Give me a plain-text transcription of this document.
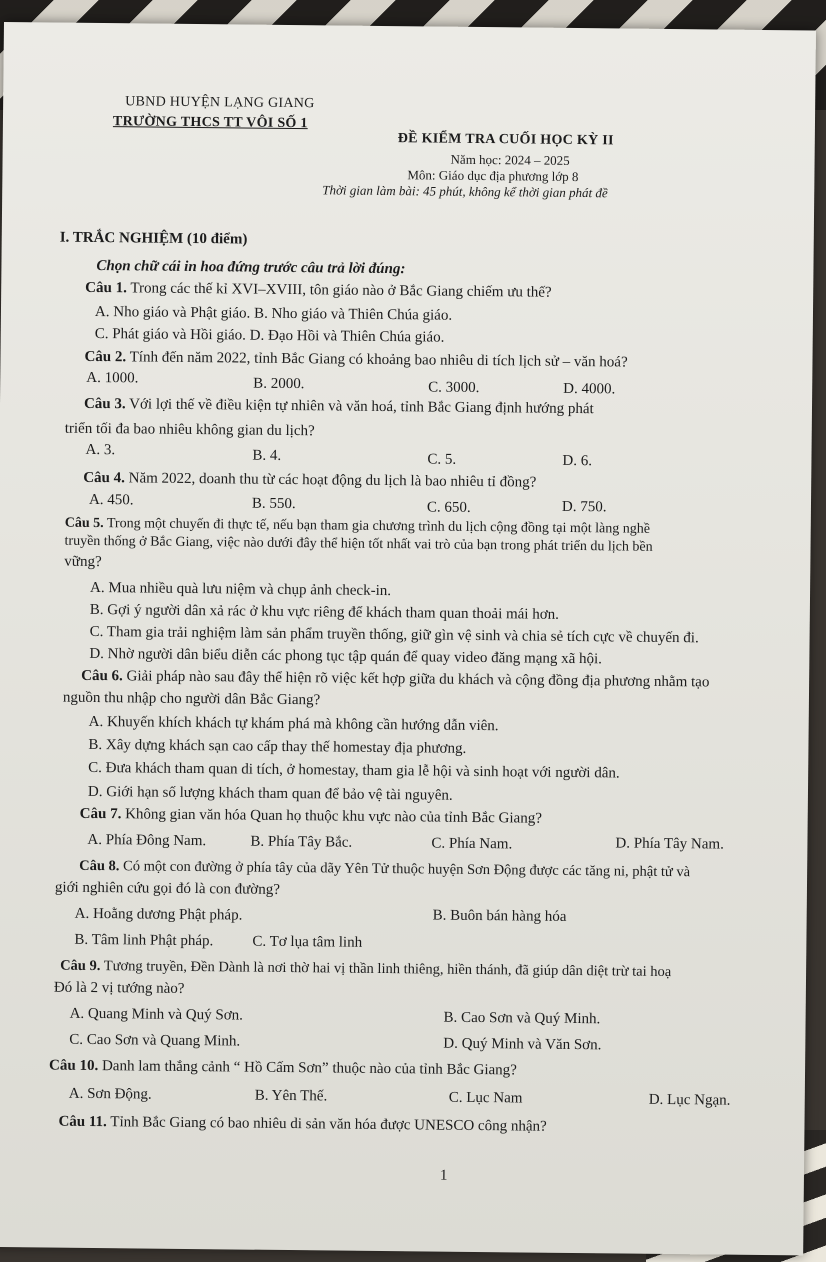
UBND HUYỆN LẠNG GIANG
TRƯỜNG THCS TT VÔI SỐ 1
ĐỀ KIỂM TRA CUỐI HỌC KỲ II
Năm học: 2024 – 2025
Môn: Giáo dục địa phương lớp 8
Thời gian làm bài: 45 phút, không kể thời gian phát đề
I. TRẮC NGHIỆM (10 điểm)
Chọn chữ cái in hoa đứng trước câu trả lời đúng:
Câu 1. Trong các thế kỉ XVI–XVIII, tôn giáo nào ở Bắc Giang chiếm ưu thế?
A. Nho giáo và Phật giáo. B. Nho giáo và Thiên Chúa giáo.
C. Phát giáo và Hồi giáo. D. Đạo Hồi và Thiên Chúa giáo.
Câu 2. Tính đến năm 2022, tỉnh Bắc Giang có khoảng bao nhiêu di tích lịch sử – văn hoá?
A. 1000.	B. 2000.	C. 3000.	D. 4000.
Câu 3. Với lợi thế về điều kiện tự nhiên và văn hoá, tỉnh Bắc Giang định hướng phát
triển tối đa bao nhiêu không gian du lịch?
A. 3.	B. 4.	C. 5.	D. 6.
Câu 4. Năm 2022, doanh thu từ các hoạt động du lịch là bao nhiêu tỉ đồng?
A. 450.	B. 550.	C. 650.	D. 750.
Câu 5. Trong một chuyến đi thực tế, nếu bạn tham gia chương trình du lịch cộng đồng tại một làng nghề
truyền thống ở Bắc Giang, việc nào dưới đây thể hiện tốt nhất vai trò của bạn trong phát triển du lịch bền
vững?
A. Mua nhiều quà lưu niệm và chụp ảnh check-in.
B. Gợi ý người dân xả rác ở khu vực riêng để khách tham quan thoải mái hơn.
C. Tham gia trải nghiệm làm sản phẩm truyền thống, giữ gìn vệ sinh và chia sẻ tích cực về chuyến đi.
D. Nhờ người dân biểu diễn các phong tục tập quán để quay video đăng mạng xã hội.
Câu 6. Giải pháp nào sau đây thể hiện rõ việc kết hợp giữa du khách và cộng đồng địa phương nhằm tạo
nguồn thu nhập cho người dân Bắc Giang?
A. Khuyến khích khách tự khám phá mà không cần hướng dẫn viên.
B. Xây dựng khách sạn cao cấp thay thế homestay địa phương.
C. Đưa khách tham quan di tích, ở homestay, tham gia lễ hội và sinh hoạt với người dân.
D. Giới hạn số lượng khách tham quan để bảo vệ tài nguyên.
Câu 7. Không gian văn hóa Quan họ thuộc khu vực nào của tỉnh Bắc Giang?
A. Phía Đông Nam.	B. Phía Tây Bắc.	C. Phía Nam.	D. Phía Tây Nam.
Câu 8. Có một con đường ở phía tây của dãy Yên Tử thuộc huyện Sơn Động được các tăng ni, phật tử và
giới nghiên cứu gọi đó là con đường?
A. Hoằng dương Phật pháp.	B. Buôn bán hàng hóa
B. Tâm linh Phật pháp.	C. Tơ lụa tâm linh
Câu 9. Tương truyền, Đền Dành là nơi thờ hai vị thần linh thiêng, hiền thánh, đã giúp dân diệt trừ tai hoạ
Đó là 2 vị tướng nào?
A. Quang Minh và Quý Sơn.	B. Cao Sơn và Quý Minh.
C. Cao Sơn và Quang Minh.	D. Quý Minh và Văn Sơn.
Câu 10. Danh lam thắng cảnh “ Hồ Cấm Sơn” thuộc nào của tỉnh Bắc Giang?
A. Sơn Động.	B. Yên Thế.	C. Lục Nam	D. Lục Ngạn.
Câu 11. Tỉnh Bắc Giang có bao nhiêu di sản văn hóa được UNESCO công nhận?
1
